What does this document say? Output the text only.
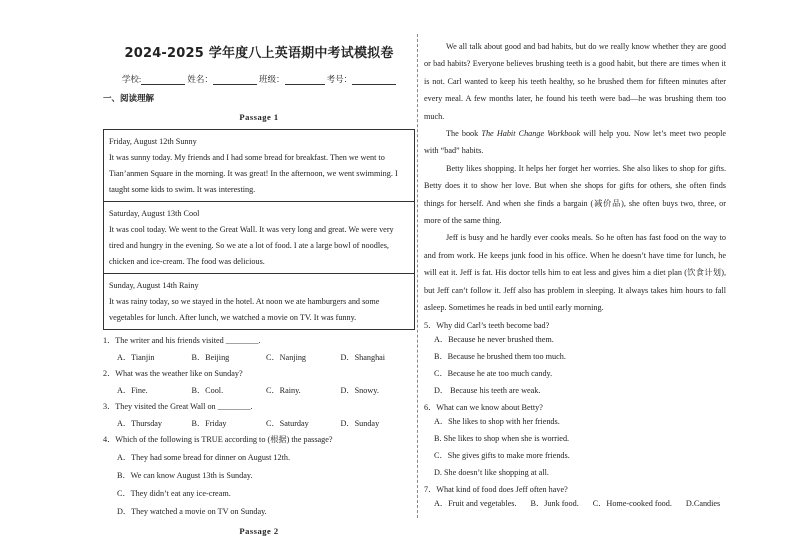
2024-2025 学年度八上英语期中考试模拟卷
学校:	姓名：	班级：	考号：
一、阅读理解
Passage 1
Friday, August 12th Sunny
It was sunny today. My friends and I had some bread for breakfast. Then we went to
Tian’anmen Square in the morning. It was great! In the afternoon, we went swimming. I
taught some kids to swim. It was interesting.
Saturday, August 13th Cool
It was cool today. We went to the Great Wall. It was very long and great. We were very
tired and hungry in the evening. So we ate a lot of food. I ate a large bowl of noodles,
chicken and ice-cream. The food was delicious.
Sunday, August 14th Rainy
It was rainy today, so we stayed in the hotel. At noon we ate hamburgers and some
vegetables for lunch. After lunch, we watched a movie on TV. It was funny.
1．The writer and his friends visited ________.
A．Tianjin	B．Beijing	C．Nanjing	D．Shanghai
2．What was the weather like on Sunday?
A．Fine.	B．Cool.	C．Rainy.	D．Snowy.
3．They visited the Great Wall on ________.
A．Thursday	B．Friday	C．Saturday	D．Sunday
4．Which of the following is TRUE according to (根据) the passage?
A．They had some bread for dinner on August 12th.
B．We can know August 13th is Sunday.
C．They didn’t eat any ice-cream.
D．They watched a movie on TV on Sunday.
Passage 2

We all talk about good and bad habits, but do we really know whether they are good or bad habits? Everyone believes brushing teeth is a good habit, but there are times when it is not. Carl wanted to keep his teeth healthy, so he brushed them for fifteen minutes after every meal. A few months later, he found his teeth were bad—he was brushing them too much.

The book The Habit Change Workbook will help you. Now let’s meet two people with “bad” habits.

Betty likes shopping. It helps her forget her worries. She also likes to shop for gifts. Betty does it to show her love. But when she shops for gifts for others, she often finds things for herself. And when she finds a bargain (减价品), she often buys two, three, or more of the same thing.

Jeff is busy and he hardly ever cooks meals. So he often has fast food on the way to and from work. He keeps junk food in his office. When he doesn’t have time for lunch, he will eat it. Jeff is fat. His doctor tells him to eat less and gives him a diet plan (饮食计划), but Jeff can’t follow it. Jeff also has problem in sleeping. It always takes him hours to fall asleep. Sometimes he reads in bed until early morning.

5．Why did Carl’s teeth become bad?
A．Because he never brushed them.
B．Because he brushed them too much.
C．Because he ate too much candy.
D． Because his teeth are weak.
6．What can we know about Betty?
A．She likes to shop with her friends.
B. She likes to shop when she is worried.
C．She gives gifts to make more friends.
D. She doesn’t like shopping at all.
7．What kind of food does Jeff often have?
A．Fruit and vegetables. B．Junk food. C．Home-cooked food. D.Candies
